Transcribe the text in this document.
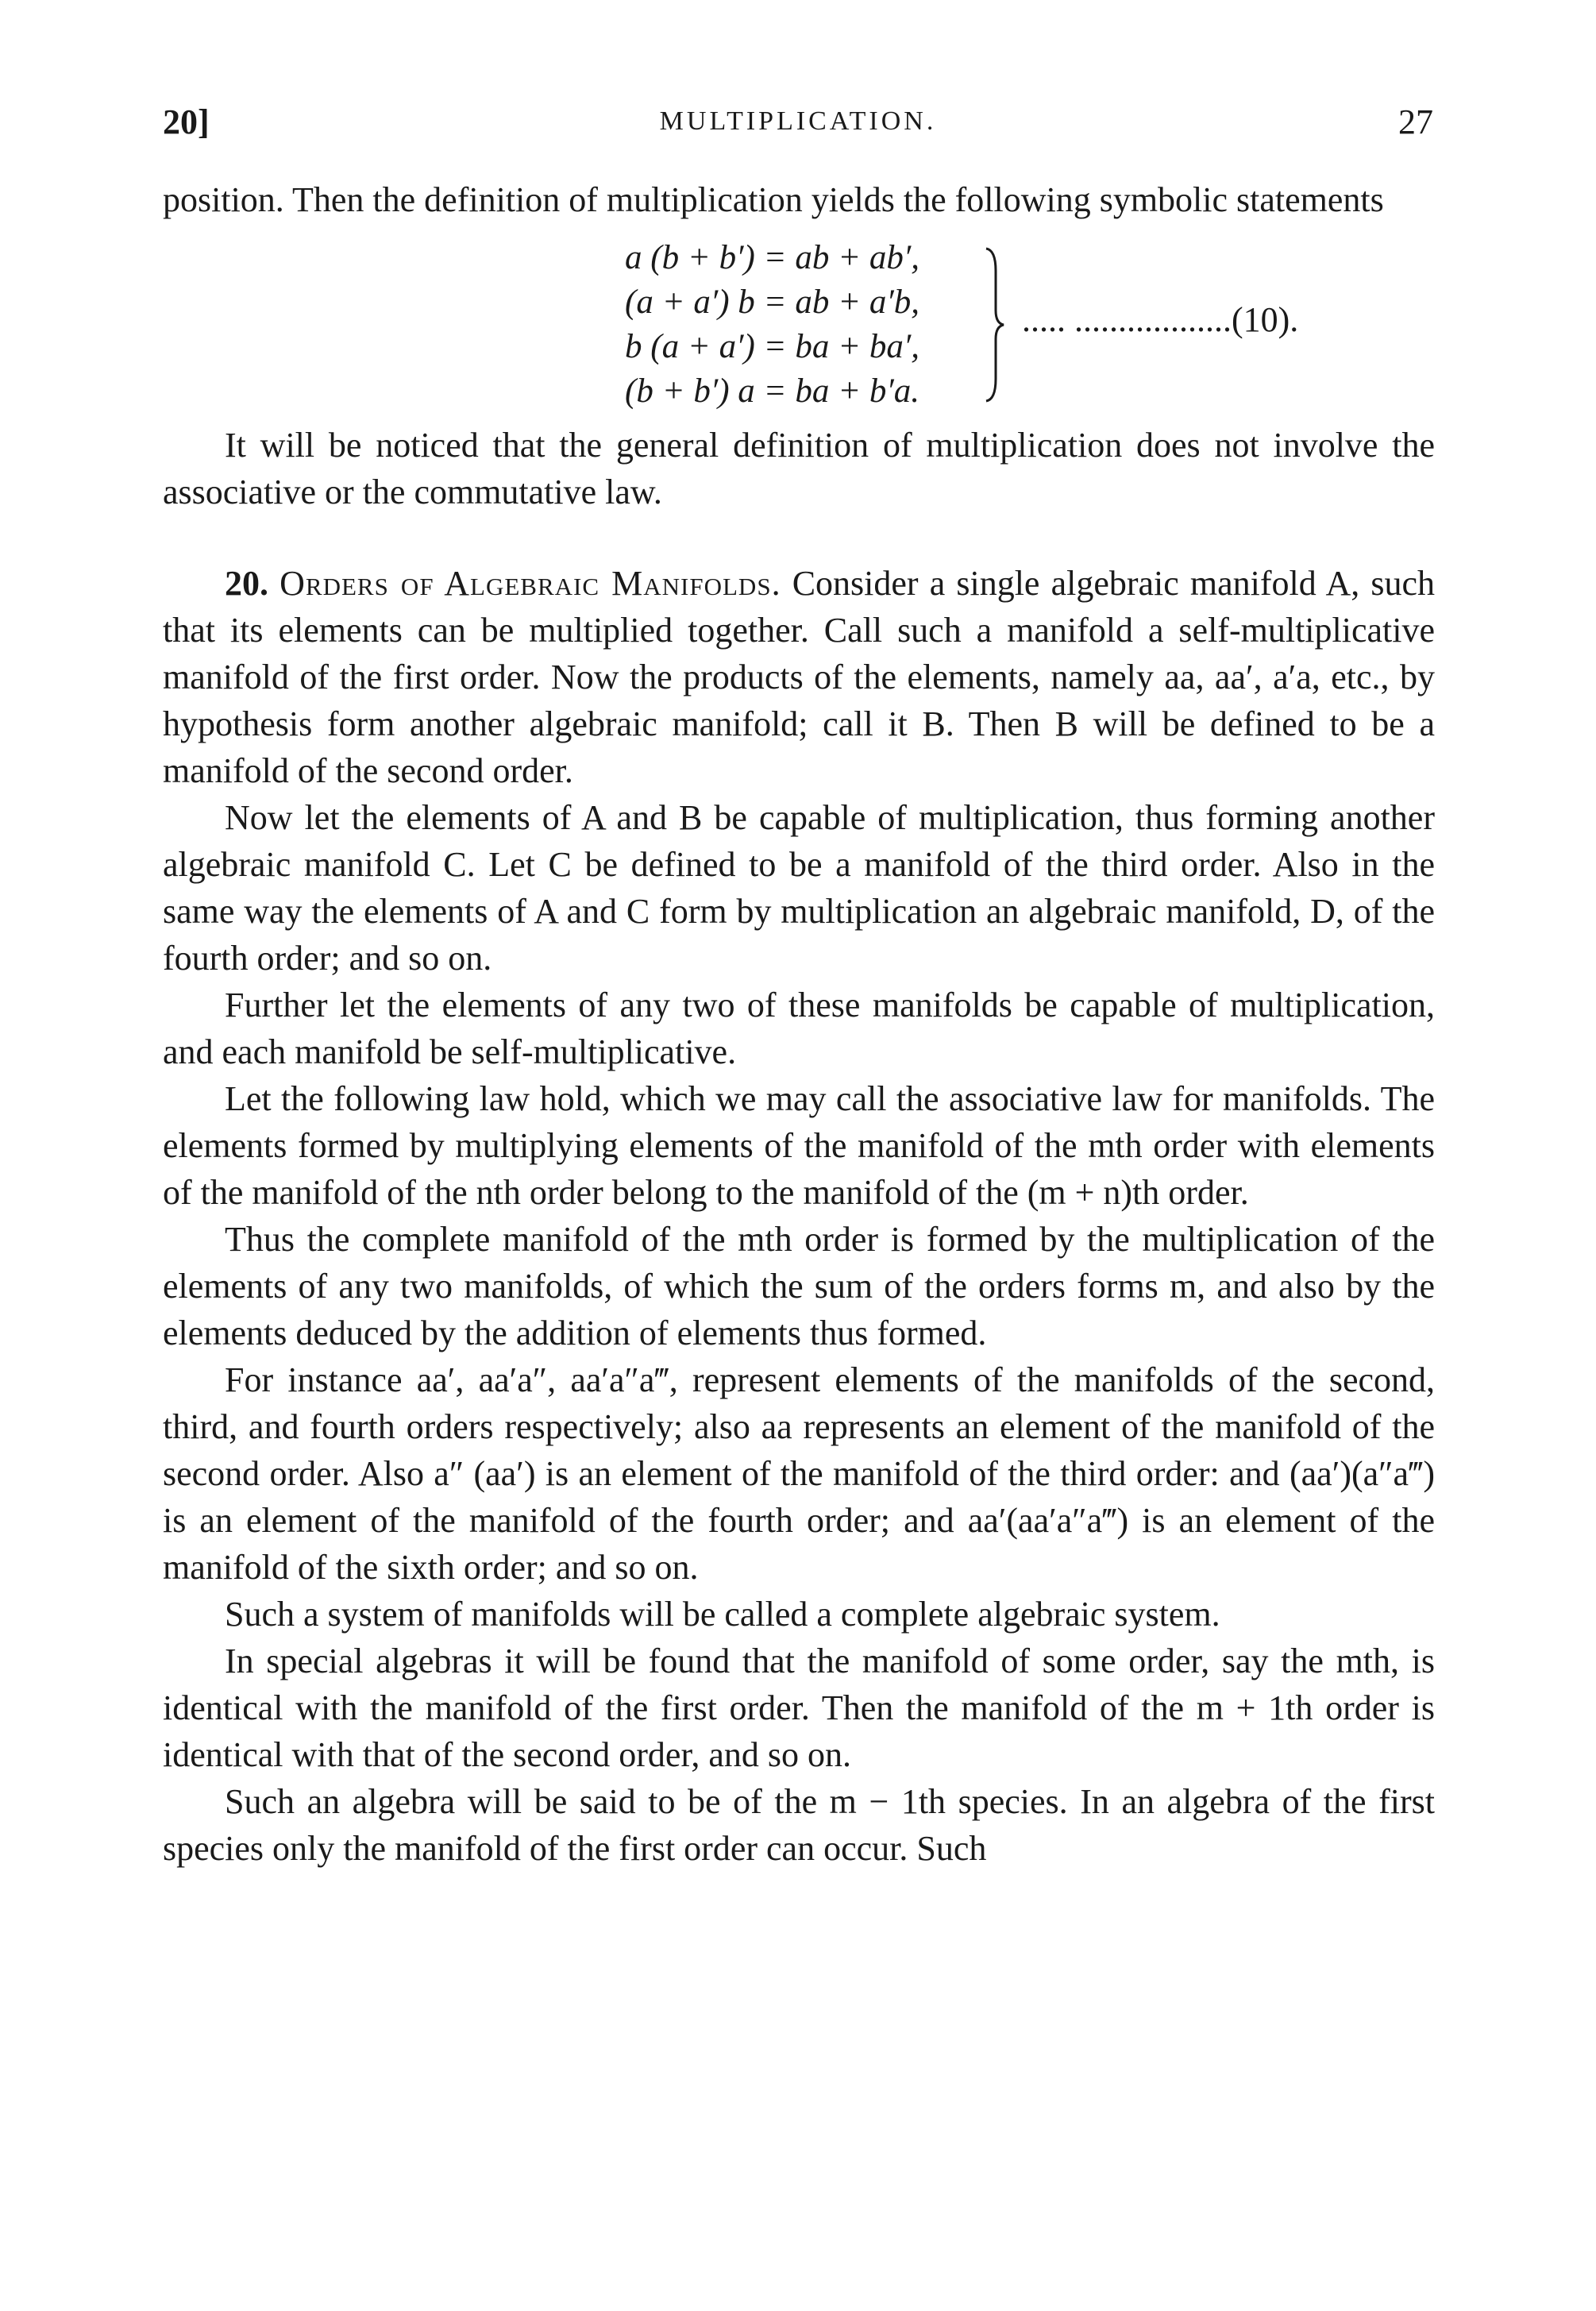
20]	MULTIPLICATION.	27

position. Then the definition of multiplication yields the following symbolic statements

a (b + b′) = ab + ab′,
(a + a′) b = ab + a′b,
b (a + a′) = ba + ba′,
(b + b′) a = ba + b′a.
..... ..................(10).

It will be noticed that the general definition of multiplication does not involve the associative or the commutative law.

20. Orders of Algebraic Manifolds. Consider a single algebraic manifold A, such that its elements can be multiplied together. Call such a manifold a self-multiplicative manifold of the first order. Now the products of the elements, namely aa, aa′, a′a, etc., by hypothesis form another algebraic manifold; call it B. Then B will be defined to be a manifold of the second order.

Now let the elements of A and B be capable of multiplication, thus forming another algebraic manifold C. Let C be defined to be a manifold of the third order. Also in the same way the elements of A and C form by multiplication an algebraic manifold, D, of the fourth order; and so on.

Further let the elements of any two of these manifolds be capable of multiplication, and each manifold be self-multiplicative.

Let the following law hold, which we may call the associative law for manifolds. The elements formed by multiplying elements of the manifold of the mth order with elements of the manifold of the nth order belong to the manifold of the (m + n)th order.

Thus the complete manifold of the mth order is formed by the multiplication of the elements of any two manifolds, of which the sum of the orders forms m, and also by the elements deduced by the addition of elements thus formed.

For instance aa′, aa′a″, aa′a″a‴, represent elements of the manifolds of the second, third, and fourth orders respectively; also aa represents an element of the manifold of the second order. Also a″ (aa′) is an element of the manifold of the third order: and (aa′)(a″a‴) is an element of the manifold of the fourth order; and aa′(aa′a″a‴) is an element of the manifold of the sixth order; and so on.

Such a system of manifolds will be called a complete algebraic system.

In special algebras it will be found that the manifold of some order, say the mth, is identical with the manifold of the first order. Then the manifold of the m + 1th order is identical with that of the second order, and so on.

Such an algebra will be said to be of the m − 1th species. In an algebra of the first species only the manifold of the first order can occur. Such
